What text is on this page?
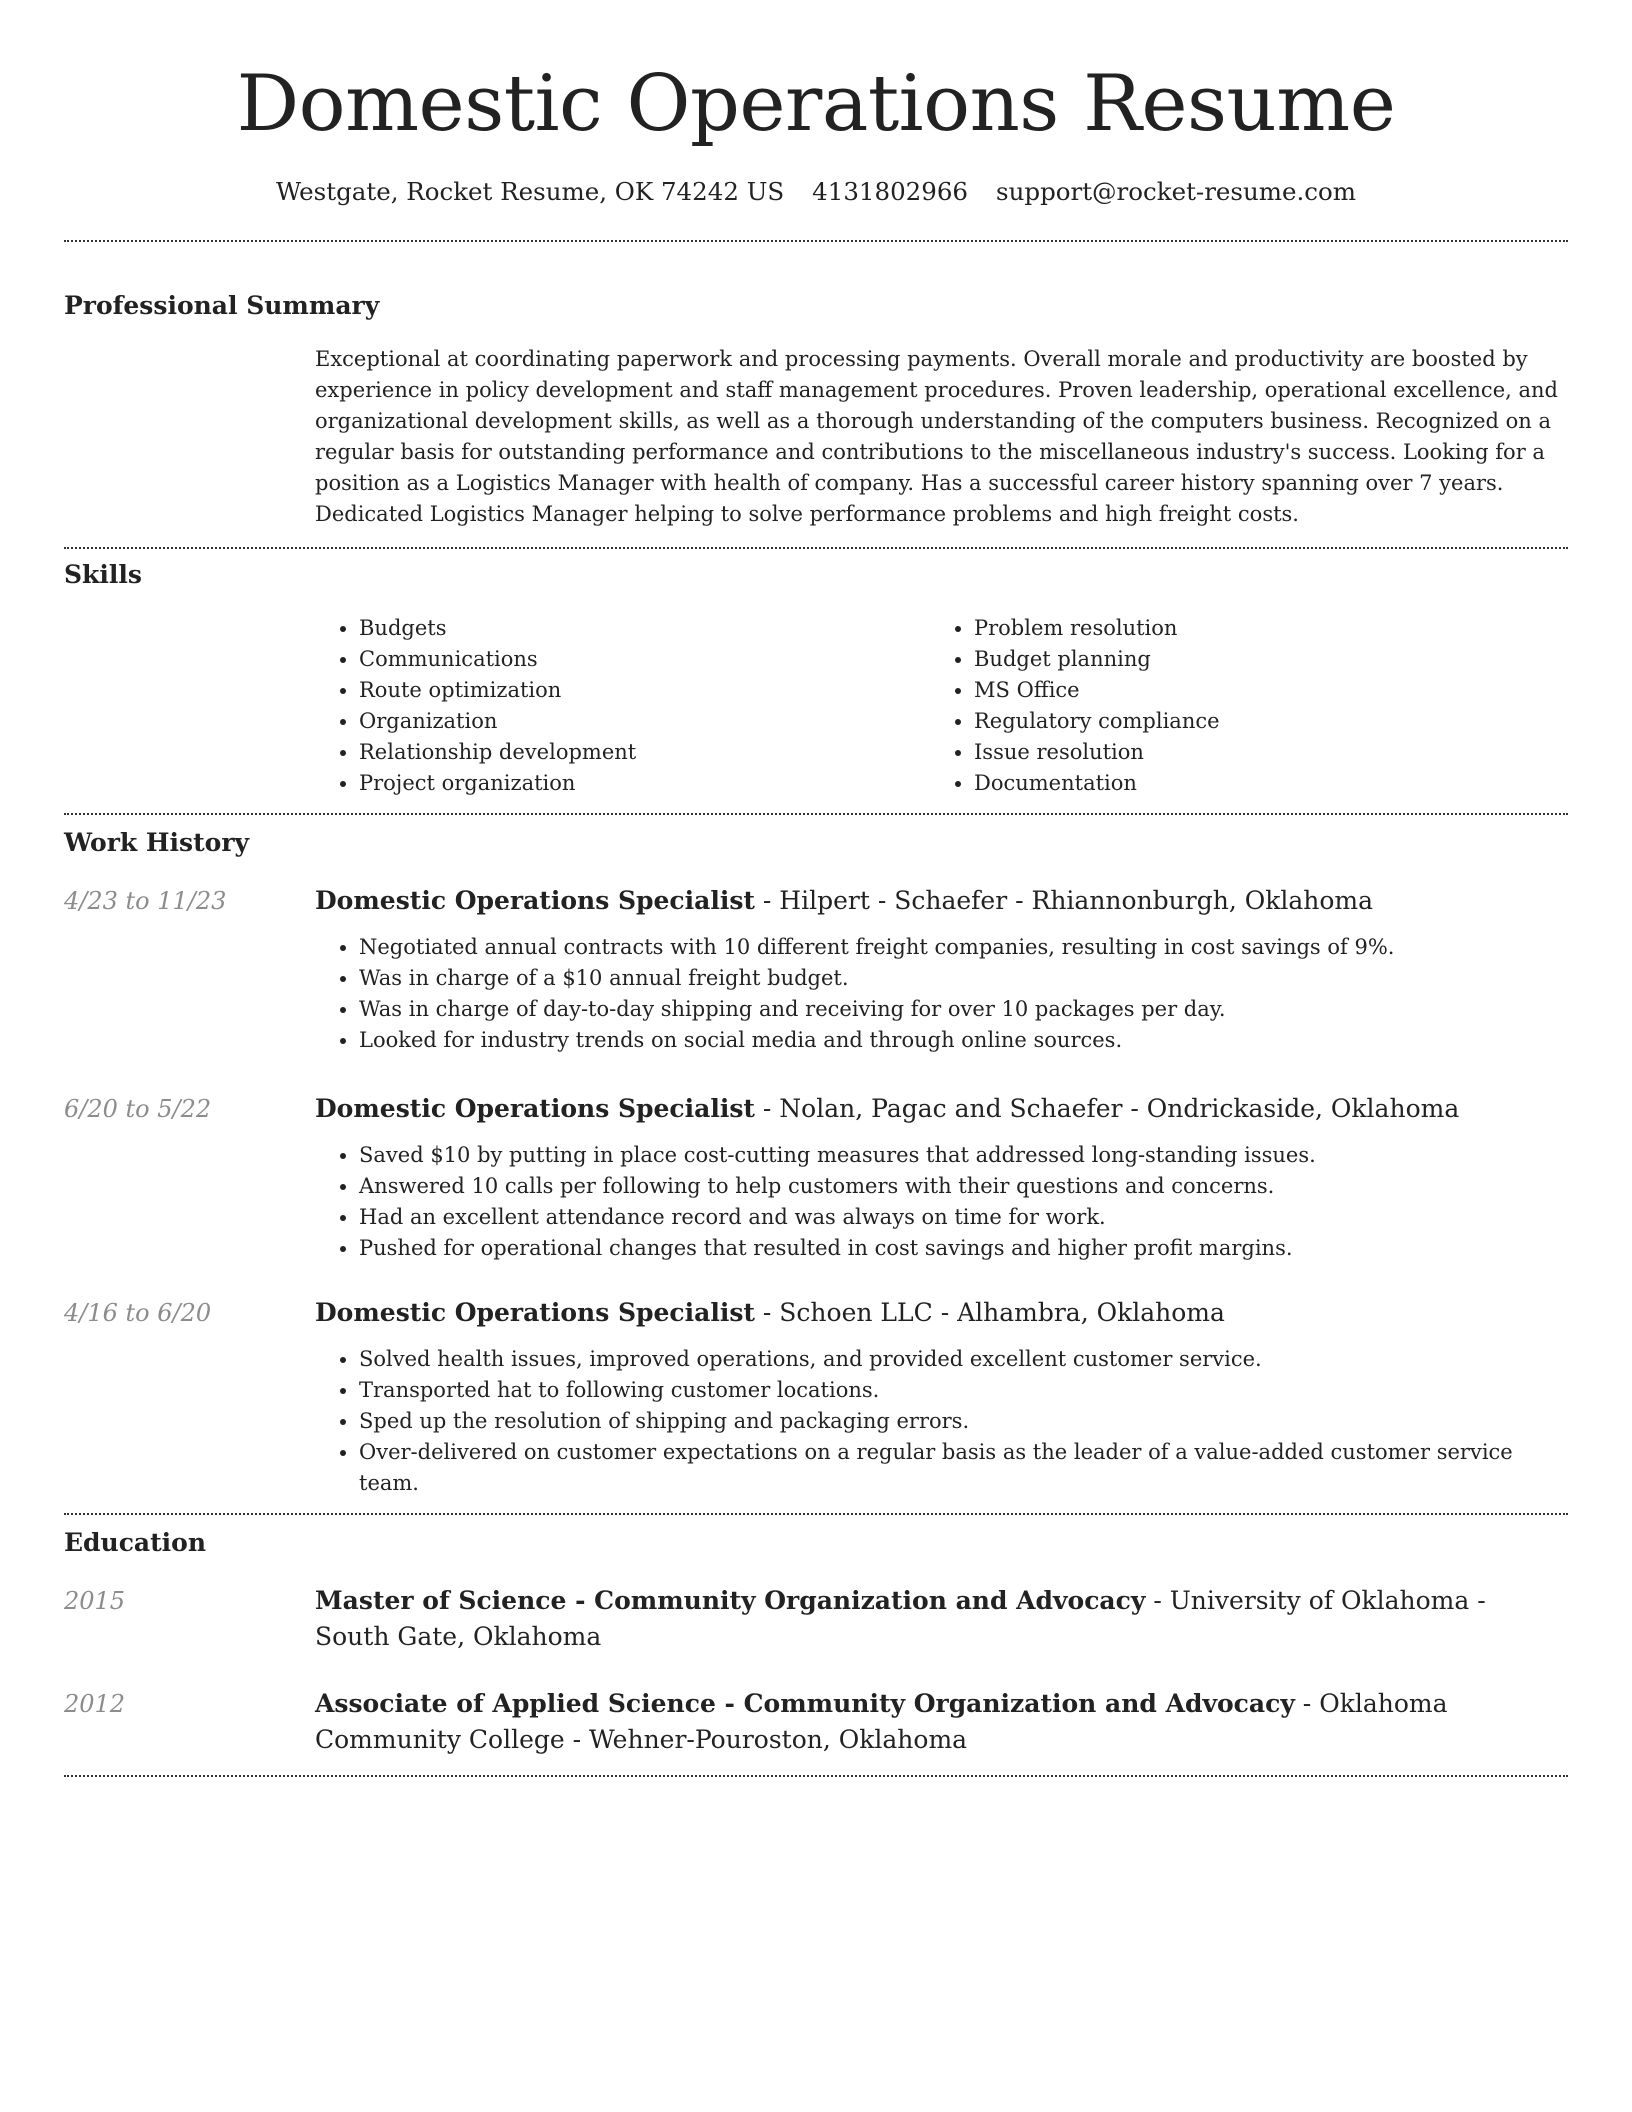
Domestic Operations Resume
Westgate, Rocket Resume, OK 74242 US 4131802966 support@rocket-resume.com
Professional Summary

Exceptional at coordinating paperwork and processing payments. Overall morale and productivity are boosted by experience in policy development and staff management procedures. Proven leadership, operational excellence, and organizational development skills, as well as a thorough understanding of the computers business. Recognized on a regular basis for outstanding performance and contributions to the miscellaneous industry's success. Looking for a position as a Logistics Manager with health of company. Has a successful career history spanning over 7 years. Dedicated Logistics Manager helping to solve performance problems and high freight costs.

Skills
• Budgets
• Communications
• Route optimization
• Organization
• Relationship development
• Project organization
• Problem resolution
• Budget planning
• MS Office
• Regulatory compliance
• Issue resolution
• Documentation
Work History
4/23 to 11/23	Domestic Operations Specialist - Hilpert - Schaefer - Rhiannonburgh, Oklahoma

• Negotiated annual contracts with 10 different freight companies, resulting in cost savings of 9%.
• Was in charge of a $10 annual freight budget.
• Was in charge of day-to-day shipping and receiving for over 10 packages per day.
• Looked for industry trends on social media and through online sources.
6/20 to 5/22	Domestic Operations Specialist - Nolan, Pagac and Schaefer - Ondrickaside, Oklahoma

• Saved $10 by putting in place cost-cutting measures that addressed long-standing issues.
• Answered 10 calls per following to help customers with their questions and concerns.
• Had an excellent attendance record and was always on time for work.
• Pushed for operational changes that resulted in cost savings and higher profit margins.
4/16 to 6/20	Domestic Operations Specialist - Schoen LLC - Alhambra, Oklahoma

• Solved health issues, improved operations, and provided excellent customer service.
• Transported hat to following customer locations.
• Sped up the resolution of shipping and packaging errors.
• Over-delivered on customer expectations on a regular basis as the leader of a value-added customer service team.
Education
2015	Master of Science - Community Organization and Advocacy - University of Oklahoma - South Gate, Oklahoma

2012	Associate of Applied Science - Community Organization and Advocacy - Oklahoma Community College - Wehner-Pouroston, Oklahoma
